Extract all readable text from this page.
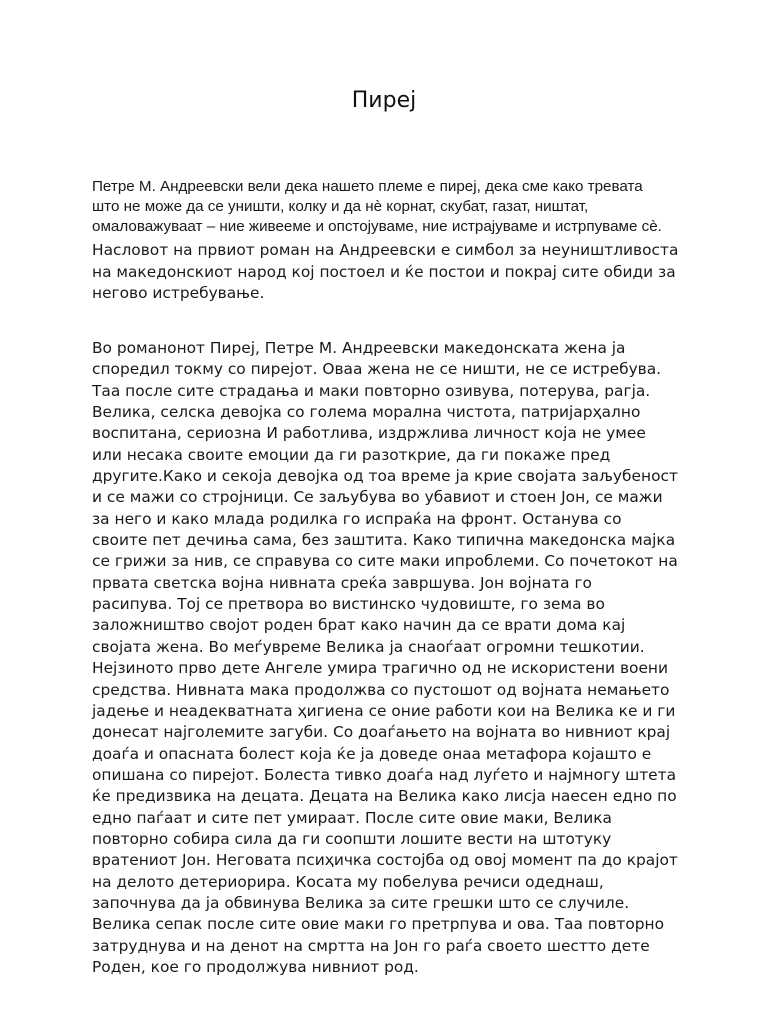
Пиреј
Петре М. Андреевски вели дека нашето племе е пиреј, дека сме како тревата
што не може да се уништи, колку и да нè корнат, скубат, газат, ништат,
омаловажуваат – ние живееме и опстојуваме, ние истрајуваме и истрпуваме сè.
Насловот на првиот роман на Андреевски е симбол за неуништливоста
на македонскиот народ кој постоел и ќе постои и покрај сите обиди за
негово истребување.
Во романонот Пиреј, Петре М. Андреевски македонската жена ја
споредил токму со пирејот. Оваа жена не се ништи, не се истребува.
Таа после сите страдања и маки повторно озивува, потерува, рагја.
Велика, селска девојка со голема морална чистота, патријарҳално
воспитана, сериозна И работлива, издржлива личност која не умее
или несака своите емоции да ги разоткрие, да ги покаже пред
другите.Како и секоја девојка од тоа време ја крие својата заљубеност
и се мажи со стројници. Се заљубува во убавиот и стоен Јон, се мажи
за него и како млада родилка го испраќа на фронт. Останува со
своите пет дечиња сама, без заштита. Како типична македонска мајка
се грижи за нив, се справува со сите маки ипроблеми. Со почетокот на
првата светска војна нивната среќа завршува. Јон војната го
расипува. Тој се претвора во вистинско чудовиште, го зема во
заложништво својот роден брат како начин да се врати дома кај
својата жена. Во меѓувреме Велика ја снаоѓаат огромни тешкотии.
Нејзиното прво дете Ангеле умира трагично од не искористени воени
средства. Нивната мака продолжва со пустошот од војната немањето
јадење и неадекватната ҳигиена се оние работи кои на Велика ке и ги
донесат најголемите загуби. Со доаѓањето на војната во нивниот крај
доаѓа и опасната болест која ќе ја доведе онаа метафора којашто е
опишана со пирејот. Болеста тивко доаѓа над луѓето и најмногу штета
ќе предизвика на децата. Децата на Велика како лисја наесен едно по
едно паѓаат и сите пет умираат. После сите овие маки, Велика
повторно собира сила да ги соопшти лошите вести на штотуку
вратениот Јон. Неговата псиҳичка состојба од овој момент па до крајот
на делото детериорира. Косата му побелува речиси одеднаш,
започнува да ја обвинува Велика за сите грешки што се случиле.
Велика сепак после сите овие маки го претрпува и ова. Таа повторно
затруднува и на денот на смртта на Јон го раѓа своето шестто дете
Роден, кое го продолжува нивниот род.
